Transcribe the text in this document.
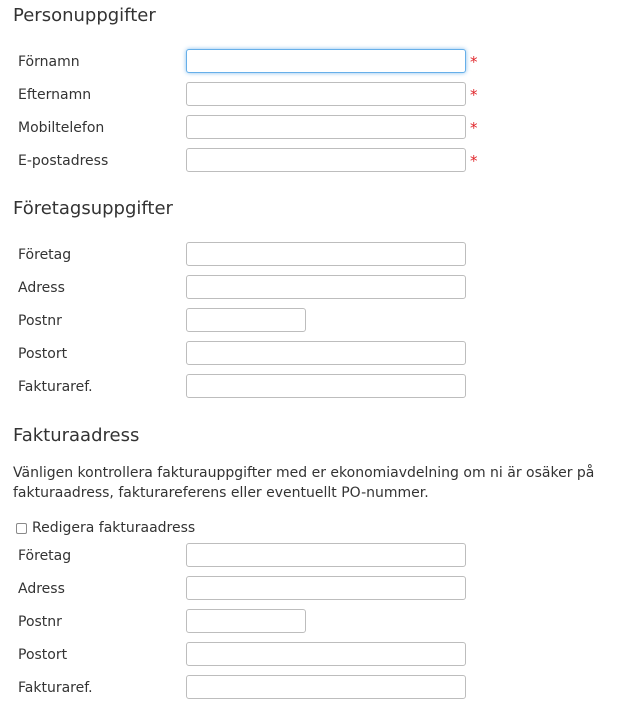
Personuppgifter
Förnamn	*
Efternamn	*
Mobiltelefon	*
E-postadress	*
Företagsuppgifter
Företag
Adress
Postnr
Postort
Fakturaref.
Fakturaadress

Vänligen kontrollera fakturauppgifter med er ekonomiavdelning om ni är osäker på fakturaadress, fakturareferens eller eventuellt PO-nummer.

Redigera fakturaadress
Företag
Adress
Postnr
Postort
Fakturaref.
